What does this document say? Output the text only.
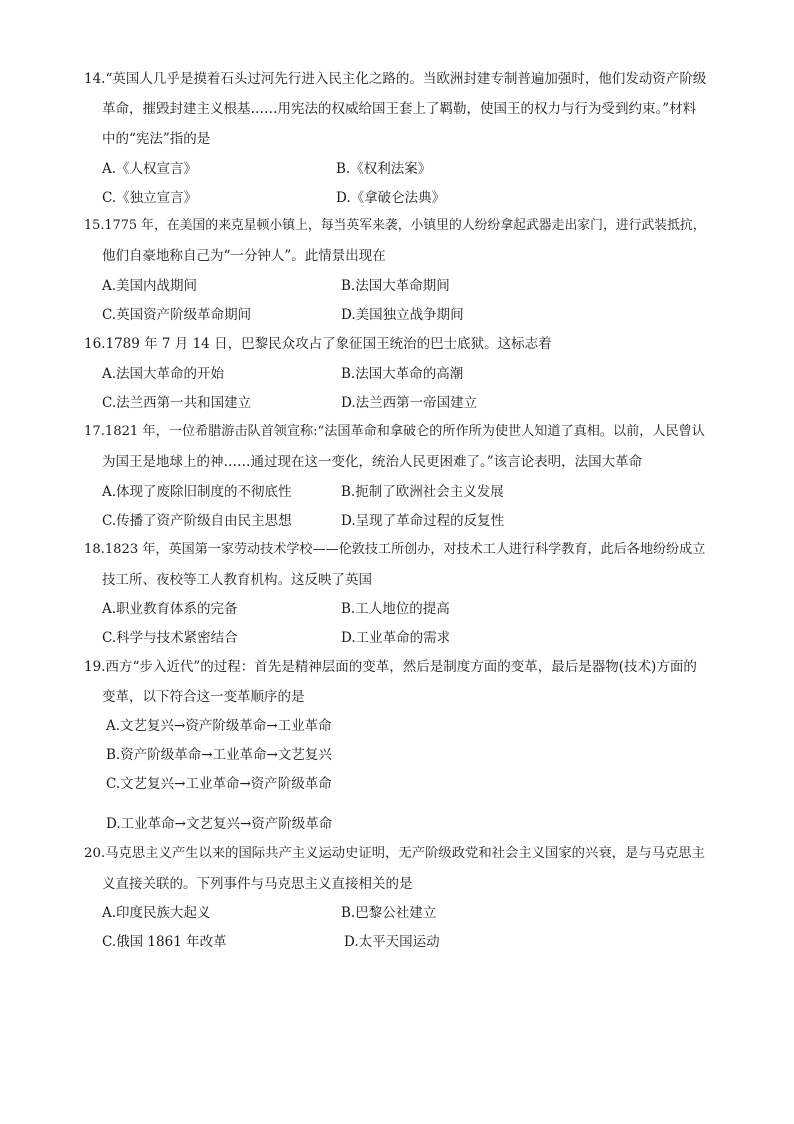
14.“英国人几乎是摸着石头过河先行进入民主化之路的。当欧洲封建专制普遍加强时，他们发动资产阶级
革命，摧毁封建主义根基……用宪法的权威给国王套上了羁勒，使国王的权力与行为受到约束。”材料
中的“宪法”指的是
A.《人权宣言》	B.《权利法案》
C.《独立宣言》	D.《拿破仑法典》
15.1775 年，在美国的来克星顿小镇上，每当英军来袭，小镇里的人纷纷拿起武器走出家门，进行武装抵抗，
他们自豪地称自己为“一分钟人”。此情景出现在
A.美国内战期间	B.法国大革命期间
C.英国资产阶级革命期间	D.美国独立战争期间
16.1789 年 7 月 14 日，巴黎民众攻占了象征国王统治的巴士底狱。这标志着
A.法国大革命的开始	B.法国大革命的高潮
C.法兰西第一共和国建立	D.法兰西第一帝国建立
17.1821 年，一位希腊游击队首领宣称:“法国革命和拿破仑的所作所为使世人知道了真相。以前，人民曾认
为国王是地球上的神……通过现在这一变化，统治人民更困难了。”该言论表明，法国大革命
A.体现了废除旧制度的不彻底性	B.扼制了欧洲社会主义发展
C.传播了资产阶级自由民主思想	D.呈现了革命过程的反复性
18.1823 年，英国第一家劳动技术学校——伦敦技工所创办，对技术工人进行科学教育，此后各地纷纷成立
技工所、夜校等工人教育机构。这反映了英国
A.职业教育体系的完备	B.工人地位的提高
C.科学与技术紧密结合	D.工业革命的需求
19.西方“步入近代”的过程：首先是精神层面的变革，然后是制度方面的变革，最后是器物(技术)方面的
变革，以下符合这一变革顺序的是
A.文艺复兴→资产阶级革命→工业革命
B.资产阶级革命→工业革命→文艺复兴
C.文艺复兴→工业革命→资产阶级革命
D.工业革命→文艺复兴→资产阶级革命
20.马克思主义产生以来的国际共产主义运动史证明，无产阶级政党和社会主义国家的兴衰，是与马克思主
义直接关联的。下列事件与马克思主义直接相关的是
A.印度民族大起义	B.巴黎公社建立
C.俄国 1861 年改革	D.太平天国运动
